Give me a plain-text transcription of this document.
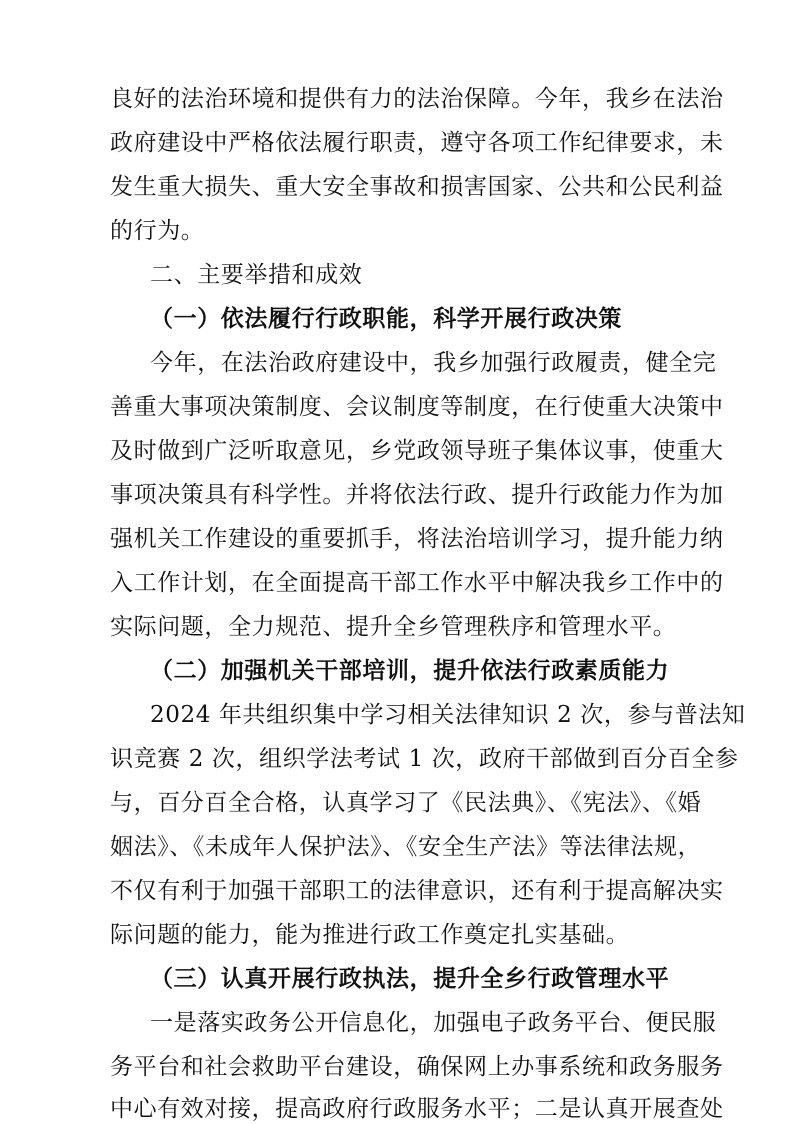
良好的法治环境和提供有力的法治保障。今年，我乡在法治
政府建设中严格依法履行职责，遵守各项工作纪律要求，未
发生重大损失、重大安全事故和损害国家、公共和公民利益
的行为。
二、主要举措和成效
（一）依法履行行政职能，科学开展行政决策
今年，在法治政府建设中，我乡加强行政履责，健全完
善重大事项决策制度、会议制度等制度，在行使重大决策中
及时做到广泛听取意见，乡党政领导班子集体议事，使重大
事项决策具有科学性。并将依法行政、提升行政能力作为加
强机关工作建设的重要抓手，将法治培训学习，提升能力纳
入工作计划，在全面提高干部工作水平中解决我乡工作中的
实际问题，全力规范、提升全乡管理秩序和管理水平。
（二）加强机关干部培训，提升依法行政素质能力
2024 年共组织集中学习相关法律知识 2 次，参与普法知
识竞赛 2 次，组织学法考试 1 次，政府干部做到百分百全参
与，百分百全合格，认真学习了《民法典》、《宪法》、《婚
姻法》、《未成年人保护法》、《安全生产法》等法律法规，
不仅有利于加强干部职工的法律意识，还有利于提高解决实
际问题的能力，能为推进行政工作奠定扎实基础。
（三）认真开展行政执法，提升全乡行政管理水平
一是落实政务公开信息化，加强电子政务平台、便民服
务平台和社会救助平台建设，确保网上办事系统和政务服务
中心有效对接，提高政府行政服务水平；二是认真开展查处
